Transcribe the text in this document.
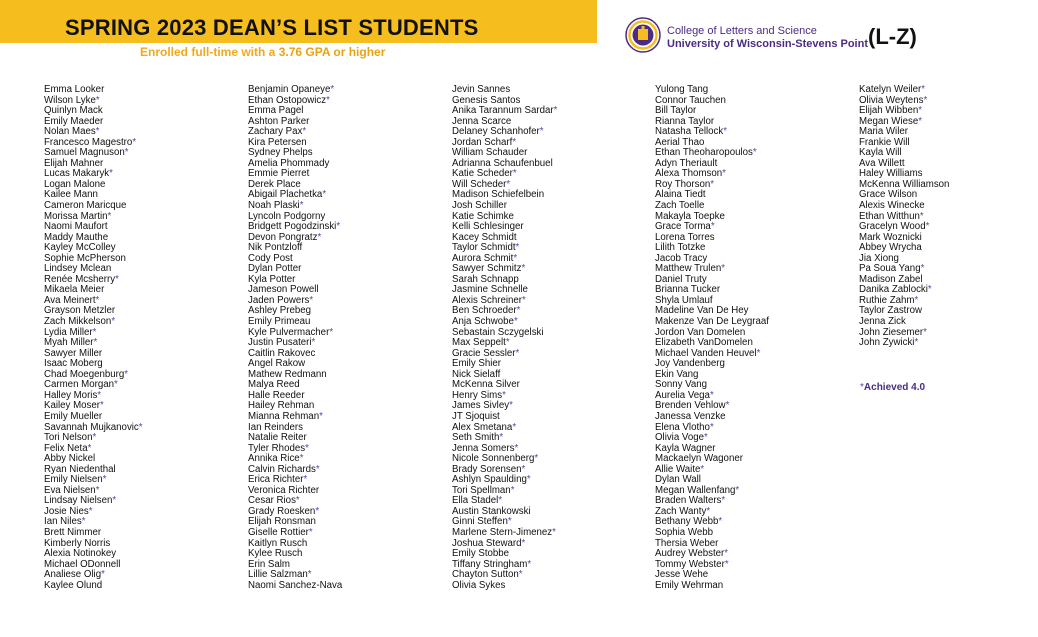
SPRING 2023 DEAN’S LIST STUDENTS
Enrolled full-time with a 3.76 GPA or higher
College of Letters and Science
University of Wisconsin-Stevens Point (L-Z)
Emma Looker
Wilson Lyke*
Quinlyn Mack
Emily Maeder
Nolan Maes*
Francesco Magestro*
Samuel Magnuson*
Elijah Mahner
Lucas Makaryk*
Logan Malone
Kailee Mann
Cameron Maricque
Morissa Martin*
Naomi Maufort
Maddy Mauthe
Kayley McColley
Sophie McPherson
Lindsey Mclean
Renée Mcsherry*
Mikaela Meier
Ava Meinert*
Grayson Metzler
Zach Mikkelson*
Lydia Miller*
Myah Miller*
Sawyer Miller
Isaac Moberg
Chad Moegenburg*
Carmen Morgan*
Halley Moris*
Kailey Moser*
Emily Mueller
Savannah Mujkanovic*
Tori Nelson*
Felix Neta*
Abby Nickel
Ryan Niedenthal
Emily Nielsen*
Eva Nielsen*
Lindsay Nielsen*
Josie Nies*
Ian Niles*
Brett Nimmer
Kimberly Norris
Alexia Notinokey
Michael ODonnell
Analiese Olig*
Kaylee Olund
Benjamin Opaneye*
Ethan Ostopowicz*
Emma Pagel
Ashton Parker
Zachary Pax*
Kira Petersen
Sydney Phelps
Amelia Phommady
Emmie Pierret
Derek Place
Abigail Plachetka*
Noah Plaski*
Lyncoln Podgorny
Bridgett Pogodzinski*
Devon Pongratz*
Nik Pontzloff
Cody Post
Dylan Potter
Kyla Potter
Jameson Powell
Jaden Powers*
Ashley Prebeg
Emily Primeau
Kyle Pulvermacher*
Justin Pusateri*
Caitlin Rakovec
Angel Rakow
Mathew Redmann
Malya Reed
Halle Reeder
Hailey Rehman
Mianna Rehman*
Ian Reinders
Natalie Reiter
Tyler Rhodes*
Annika Rice*
Calvin Richards*
Erica Richter*
Veronica Richter
Cesar Rios*
Grady Roesken*
Elijah Ronsman
Giselle Rottier*
Kaitlyn Rusch
Kylee Rusch
Erin Salm
Lillie Salzman*
Naomi Sanchez-Nava
Jevin Sannes
Genesis Santos
Anika Tarannum Sardar*
Jenna Scarce
Delaney Schanhofer*
Jordan Scharf*
William Schauder
Adrianna Schaufenbuel
Katie Scheder*
Will Scheder*
Madison Schiefelbein
Josh Schiller
Katie Schimke
Kelli Schlesinger
Kacey Schmidt
Taylor Schmidt*
Aurora Schmit*
Sawyer Schmitz*
Sarah Schnapp
Jasmine Schnelle
Alexis Schreiner*
Ben Schroeder*
Anja Schwobe*
Sebastain Sczygelski
Max Seppelt*
Gracie Sessler*
Emily Shier
Nick Sielaff
McKenna Silver
Henry Sims*
James Sivley*
JT Sjoquist
Alex Smetana*
Seth Smith*
Jenna Somers*
Nicole Sonnenberg*
Brady Sorensen*
Ashlyn Spaulding*
Tori Spellman*
Ella Stadel*
Austin Stankowski
Ginni Steffen*
Marlene Stern-Jimenez*
Joshua Steward*
Emily Stobbe
Tiffany Stringham*
Chayton Sutton*
Olivia Sykes
Yulong Tang
Connor Tauchen
Bill Taylor
Rianna Taylor
Natasha Tellock*
Aerial Thao
Ethan Theoharopoulos*
Adyn Theriault
Alexa Thomson*
Roy Thorson*
Alaina Tiedt
Zach Toelle
Makayla Toepke
Grace Torma*
Lorena Torres
Lilith Totzke
Jacob Tracy
Matthew Trulen*
Daniel Truty
Brianna Tucker
Shyla Umlauf
Madeline Van De Hey
Makenze Van De Leygraaf
Jordon Van Domelen
Elizabeth VanDomelen
Michael Vanden Heuvel*
Joy Vandenberg
Ekin Vang
Sonny Vang
Aurelia Vega*
Brenden Vehlow*
Janessa Venzke
Elena Vlotho*
Olivia Voge*
Kayla Wagner
Mackaelyn Wagoner
Allie Waite*
Dylan Wall
Megan Wallenfang*
Braden Walters*
Zach Wanty*
Bethany Webb*
Sophia Webb
Thersia Weber
Audrey Webster*
Tommy Webster*
Jesse Wehe
Emily Wehrman
Katelyn Weiler*
Olivia Weytens*
Elijah Wibben*
Megan Wiese*
Maria Wiler
Frankie Will
Kayla Will
Ava Willett
Haley Williams
McKenna Williamson
Grace Wilson
Alexis Winecke
Ethan Witthun*
Gracelyn Wood*
Mark Woznicki
Abbey Wrycha
Jia Xiong
Pa Soua Yang*
Madison Zabel
Danika Zablocki*
Ruthie Zahm*
Taylor Zastrow
Jenna Zick
John Ziesemer*
John Zywicki*
*Achieved 4.0
